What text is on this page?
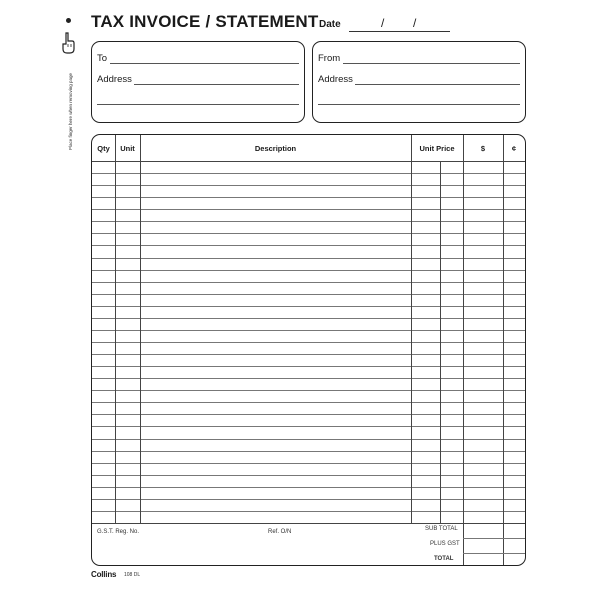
Place finger here when removing page
TAX INVOICE / STATEMENT Date	/ /
To
Address
From
Address
Qty	Unit	Description	Unit Price	$	¢
G.S.T. Reg. No.	Ref. O/N	SUB TOTAL
PLUS GST
TOTAL
Collins 108 DL
